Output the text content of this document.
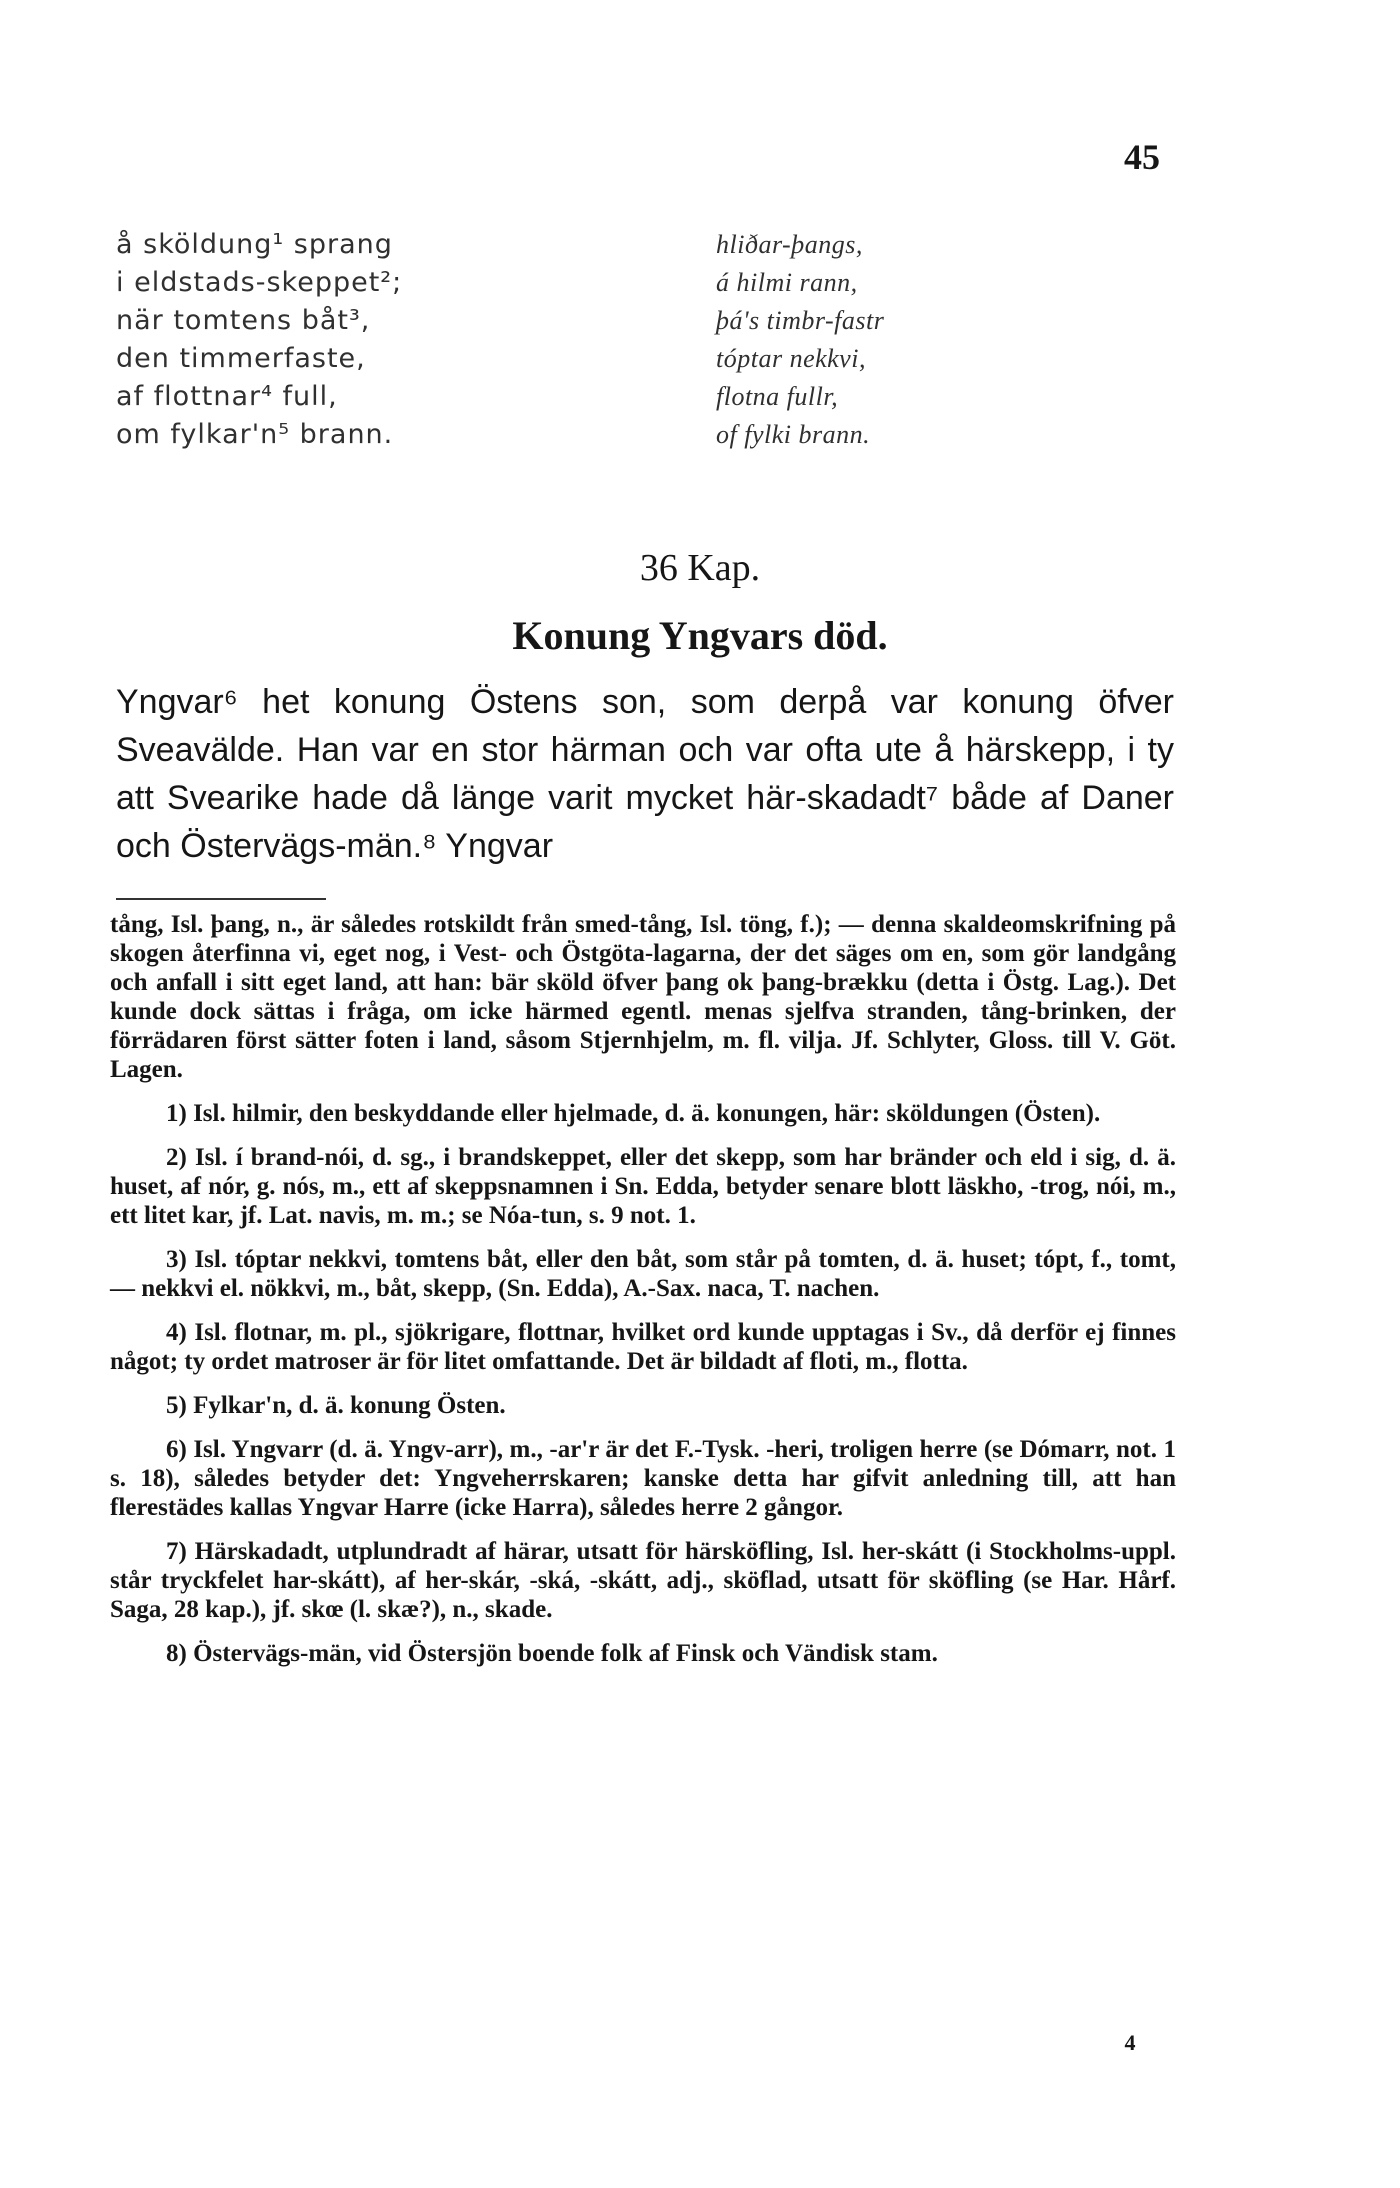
45
å sköldung¹ sprang
i eldstads-skeppet²;
när tomtens båt³,
den timmerfaste,
af flottnar⁴ full,
om fylkar'n⁵ brann.
hliðar-þangs,
á hilmi rann,
þá's timbr-fastr
tóptar nekkvi,
flotna fullr,
of fylki brann.
36 Kap.
Konung Yngvars död.

Yngvar⁶ het konung Östens son, som derpå var konung öfver Sveavälde. Han var en stor härman och var ofta ute å härskepp, i ty att Svearike hade då länge varit mycket här-skadadt⁷ både af Daner och Östervägs-män.⁸ Yngvar

tång, Isl. þang, n., är således rotskildt från smed-tång, Isl. töng, f.); — denna skaldeomskrifning på skogen återfinna vi, eget nog, i Vest- och Östgöta-lagarna, der det säges om en, som gör landgång och anfall i sitt eget land, att han: bär sköld öfver þang ok þang-brækku (detta i Östg. Lag.). Det kunde dock sättas i fråga, om icke härmed egentl. menas sjelfva stranden, tång-brinken, der förrädaren först sätter foten i land, såsom Stjernhjelm, m. fl. vilja. Jf. Schlyter, Gloss. till V. Göt. Lagen.

1) Isl. hilmir, den beskyddande eller hjelmade, d. ä. konungen, här: sköldungen (Östen).

2) Isl. í brand-nói, d. sg., i brandskeppet, eller det skepp, som har bränder och eld i sig, d. ä. huset, af nór, g. nós, m., ett af skeppsnamnen i Sn. Edda, betyder senare blott läskho, -trog, nói, m., ett litet kar, jf. Lat. navis, m. m.; se Nóa-tun, s. 9 not. 1.

3) Isl. tóptar nekkvi, tomtens båt, eller den båt, som står på tomten, d. ä. huset; tópt, f., tomt, — nekkvi el. nökkvi, m., båt, skepp, (Sn. Edda), A.-Sax. naca, T. nachen.

4) Isl. flotnar, m. pl., sjökrigare, flottnar, hvilket ord kunde upptagas i Sv., då derför ej finnes något; ty ordet matroser är för litet omfattande. Det är bildadt af floti, m., flotta.

5) Fylkar'n, d. ä. konung Östen.

6) Isl. Yngvarr (d. ä. Yngv-arr), m., -ar'r är det F.-Tysk. -heri, troligen herre (se Dómarr, not. 1 s. 18), således betyder det: Yngveherrskaren; kanske detta har gifvit anledning till, att han flerestädes kallas Yngvar Harre (icke Harra), således herre 2 gångor.

7) Härskadadt, utplundradt af härar, utsatt för härsköfling, Isl. her-skátt (i Stockholms-uppl. står tryckfelet har-skátt), af her-skár, -ská, -skátt, adj., sköflad, utsatt för sköfling (se Har. Hårf. Saga, 28 kap.), jf. skœ (l. skæ?), n., skade.

8) Östervägs-män, vid Östersjön boende folk af Finsk och Vändisk stam.

4
